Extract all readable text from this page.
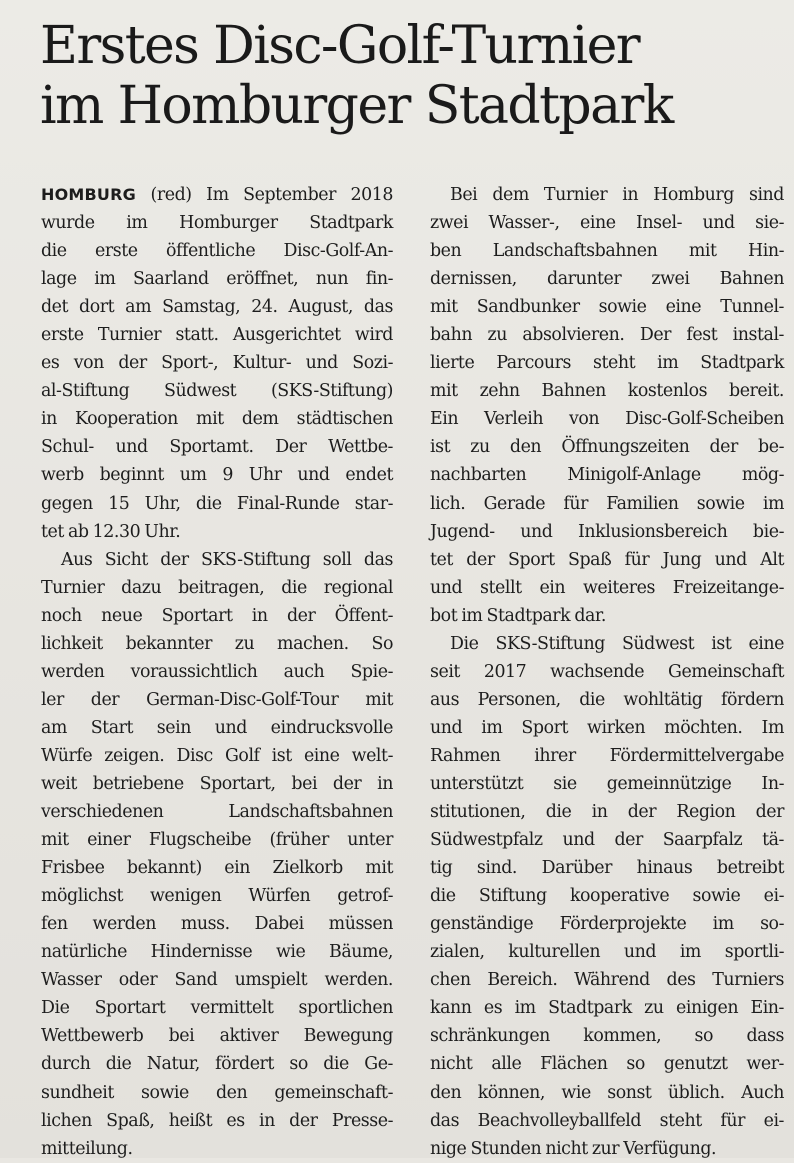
Erstes Disc-Golf-Turnier
im Homburger Stadtpark

HOMBURG (red) Im September 2018
wurde im Homburger Stadtpark
die erste öffentliche Disc-Golf-An-
lage im Saarland eröffnet, nun fin-
det dort am Samstag, 24. August, das
erste Turnier statt. Ausgerichtet wird
es von der Sport-, Kultur- und Sozi-
al-Stiftung Südwest (SKS-Stiftung)
in Kooperation mit dem städtischen
Schul- und Sportamt. Der Wettbe-
werb beginnt um 9 Uhr und endet
gegen 15 Uhr, die Final-Runde star-
tet ab 12.30 Uhr.

Aus Sicht der SKS-Stiftung soll das
Turnier dazu beitragen, die regional
noch neue Sportart in der Öffent-
lichkeit bekannter zu machen. So
werden voraussichtlich auch Spie-
ler der German-Disc-Golf-Tour mit
am Start sein und eindrucksvolle
Würfe zeigen. Disc Golf ist eine welt-
weit betriebene Sportart, bei der in
verschiedenen Landschaftsbahnen
mit einer Flugscheibe (früher unter
Frisbee bekannt) ein Zielkorb mit
möglichst wenigen Würfen getrof-
fen werden muss. Dabei müssen
natürliche Hindernisse wie Bäume,
Wasser oder Sand umspielt werden.
Die Sportart vermittelt sportlichen
Wettbewerb bei aktiver Bewegung
durch die Natur, fördert so die Ge-
sundheit sowie den gemeinschaft-
lichen Spaß, heißt es in der Presse-
mitteilung.

Bei dem Turnier in Homburg sind
zwei Wasser-, eine Insel- und sie-
ben Landschaftsbahnen mit Hin-
dernissen, darunter zwei Bahnen
mit Sandbunker sowie eine Tunnel-
bahn zu absolvieren. Der fest instal-
lierte Parcours steht im Stadtpark
mit zehn Bahnen kostenlos bereit.
Ein Verleih von Disc-Golf-Scheiben
ist zu den Öffnungszeiten der be-
nachbarten Minigolf-Anlage mög-
lich. Gerade für Familien sowie im
Jugend- und Inklusionsbereich bie-
tet der Sport Spaß für Jung und Alt
und stellt ein weiteres Freizeitange-
bot im Stadtpark dar.

Die SKS-Stiftung Südwest ist eine
seit 2017 wachsende Gemeinschaft
aus Personen, die wohltätig fördern
und im Sport wirken möchten. Im
Rahmen ihrer Fördermittelvergabe
unterstützt sie gemeinnützige In-
stitutionen, die in der Region der
Südwestpfalz und der Saarpfalz tä-
tig sind. Darüber hinaus betreibt
die Stiftung kooperative sowie ei-
genständige Förderprojekte im so-
zialen, kulturellen und im sportli-
chen Bereich. Während des Turniers
kann es im Stadtpark zu einigen Ein-
schränkungen kommen, so dass
nicht alle Flächen so genutzt wer-
den können, wie sonst üblich. Auch
das Beachvolleyballfeld steht für ei-
nige Stunden nicht zur Verfügung.
